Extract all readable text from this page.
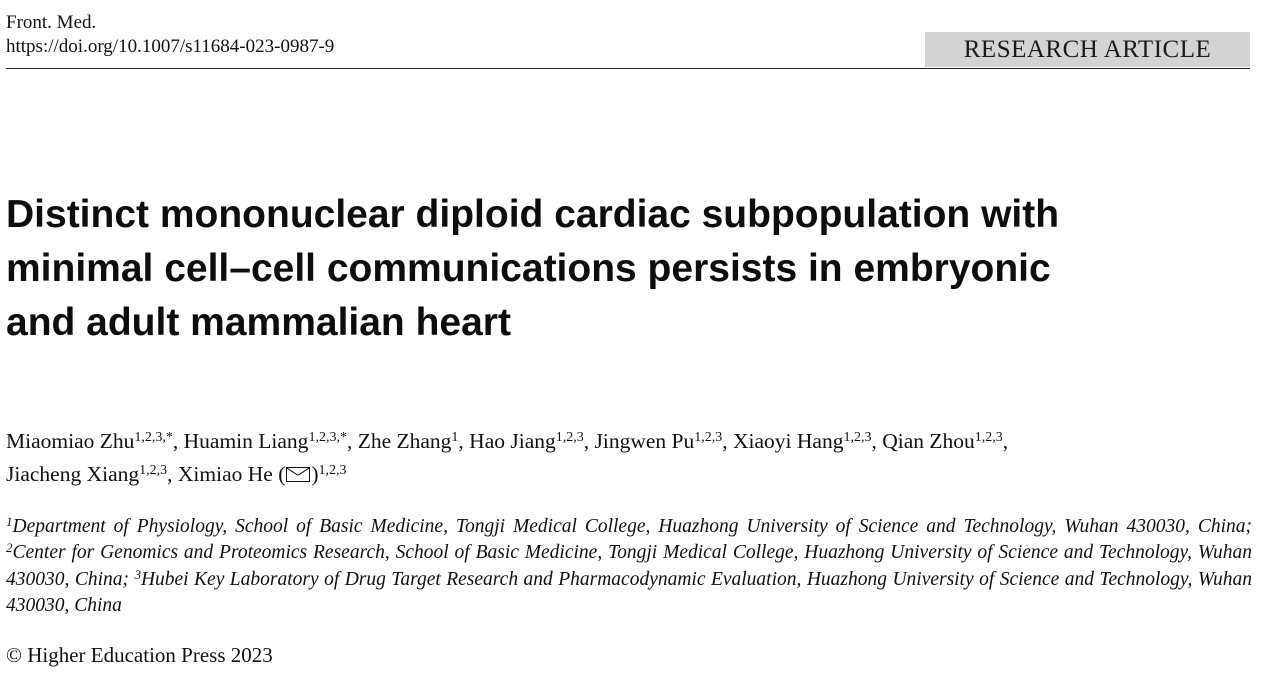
Front. Med.
https://doi.org/10.1007/s11684-023-0987-9	RESEARCH ARTICLE
Distinct mononuclear diploid cardiac subpopulation with
minimal cell–cell communications persists in embryonic
and adult mammalian heart
Miaomiao Zhu$^{1,2,3,*}$, Huamin Liang$^{1,2,3,*}$, Zhe Zhang$^1$, Hao Jiang$^{1,2,3}$, Jingwen Pu$^{1,2,3}$, Xiaoyi Hang$^{1,2,3}$, Qian Zhou$^{1,2,3}$,
Jiacheng Xiang$^{1,2,3}$, Ximiao He ( )$^{1,2,3}$

$^1$Department of Physiology, School of Basic Medicine, Tongji Medical College, Huazhong University of Science and Technology, Wuhan 430030, China; $^2$Center for Genomics and Proteomics Research, School of Basic Medicine, Tongji Medical College, Huazhong University of Science and Technology, Wuhan 430030, China; $^3$Hubei Key Laboratory of Drug Target Research and Pharmacodynamic Evaluation, Huazhong University of Science and Technology, Wuhan 430030, China

© Higher Education Press 2023
